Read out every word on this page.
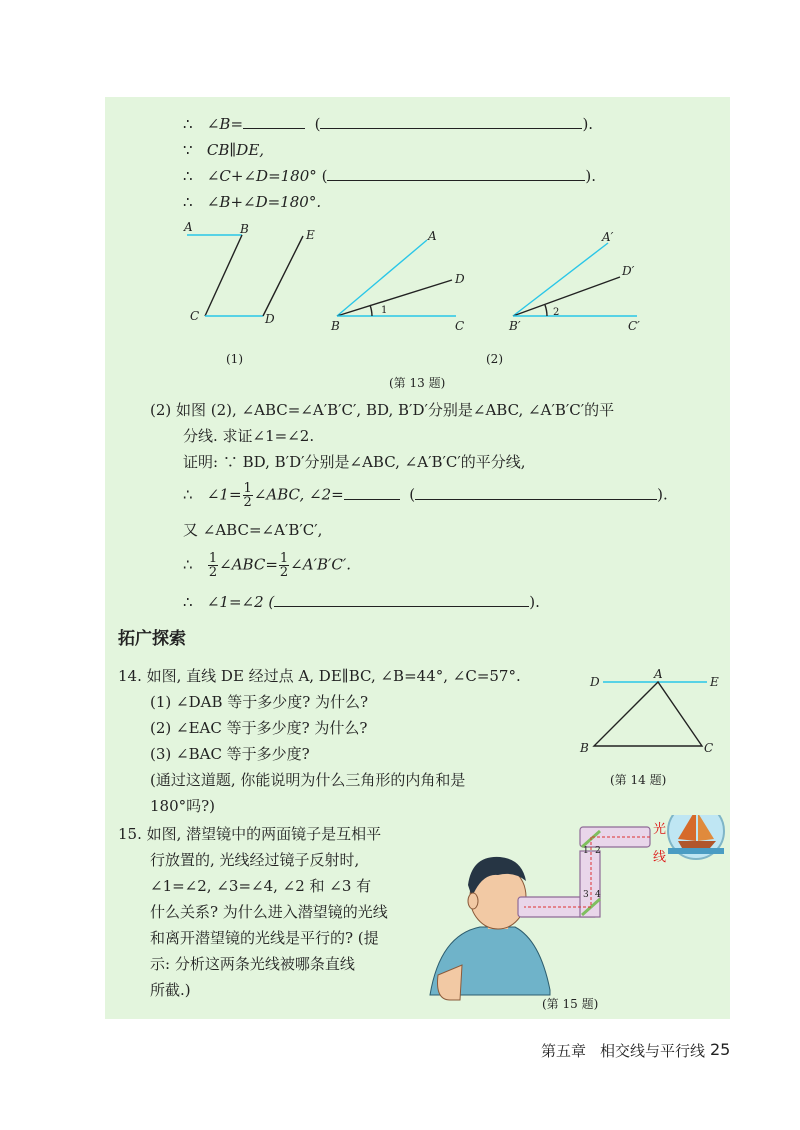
∴ ∠B=	(	).
∵ CB∥DE,
∴ ∠C+∠D=180° (	).
∴ ∠B+∠D=180°.
A	B	E
C	D
A
D
B
1
C
A′
D′
B′
2
C′
(1)	(2)
(第 13 题)
(2) 如图 (2), ∠ABC=∠A′B′C′, BD, B′D′分别是∠ABC, ∠A′B′C′的平
分线. 求证∠1=∠2.
证明: ∵ BD, B′D′分别是∠ABC, ∠A′B′C′的平分线,
∴ ∠1= $\frac{1}{2}$ ∠ABC, ∠2=	(	).
又 ∠ABC=∠A′B′C′,
∴ $\frac{1}{2}$ ∠ABC= $\frac{1}{2}$ ∠A′B′C′.
∴ ∠1=∠2 (	).
拓广探索
14. 如图, 直线 DE 经过点 A, DE∥BC, ∠B=44°, ∠C=57°.
(1) ∠DAB 等于多少度? 为什么?
(2) ∠EAC 等于多少度? 为什么?
(3) ∠BAC 等于多少度?
(通过这道题, 你能说明为什么三角形的内角和是
180°吗?)
D
A
E
B	C
(第 14 题)
15. 如图, 潜望镜中的两面镜子是互相平
行放置的, 光线经过镜子反射时,
∠1=∠2, ∠3=∠4, ∠2 和 ∠3 有
什么关系? 为什么进入潜望镜的光线
和离开潜望镜的光线是平行的? (提
示: 分析这两条光线被哪条直线
所截.)
1 2
3 4
光
线
(第 15 题)
第五章 相交线与平行线 25
